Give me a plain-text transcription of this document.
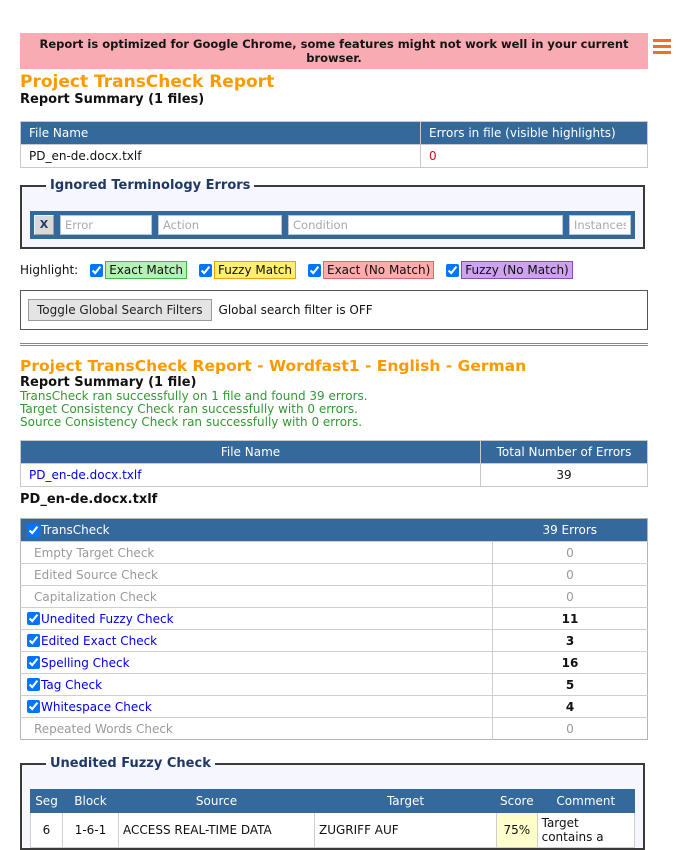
Report is optimized for Google Chrome, some features might not work well in your current browser.
Project TransCheck Report
Report Summary (1 files)
File Name	Errors in file (visible highlights)
PD_en-de.docx.txlf	0
Ignored Terminology Errors
X
Error
Action
Condition
Instances
Highlight:	Exact Match	Fuzzy Match	Exact (No Match)	Fuzzy (No Match)
Toggle Global Search Filters	Global search filter is OFF
Project TransCheck Report - Wordfast1 - English - German
Report Summary (1 file)
TransCheck ran successfully on 1 file and found 39 errors.
Target Consistency Check ran successfully with 0 errors.
Source Consistency Check ran successfully with 0 errors.
File Name	Total Number of Errors
PD_en-de.docx.txlf	39
PD_en-de.docx.txlf
TransCheck	39 Errors
Empty Target Check	0
Edited Source Check	0
Capitalization Check	0

Unedited Fuzzy Check	11

Edited Exact Check	3

Spelling Check	16

Tag Check	5

Whitespace Check	4
Repeated Words Check	0
Unedited Fuzzy Check
Seg	Block	Source	Target	Score	Comment
6	1-6-1	ACCESS REAL-TIME DATA	ZUGRIFF AUF	75%	Target contains a
